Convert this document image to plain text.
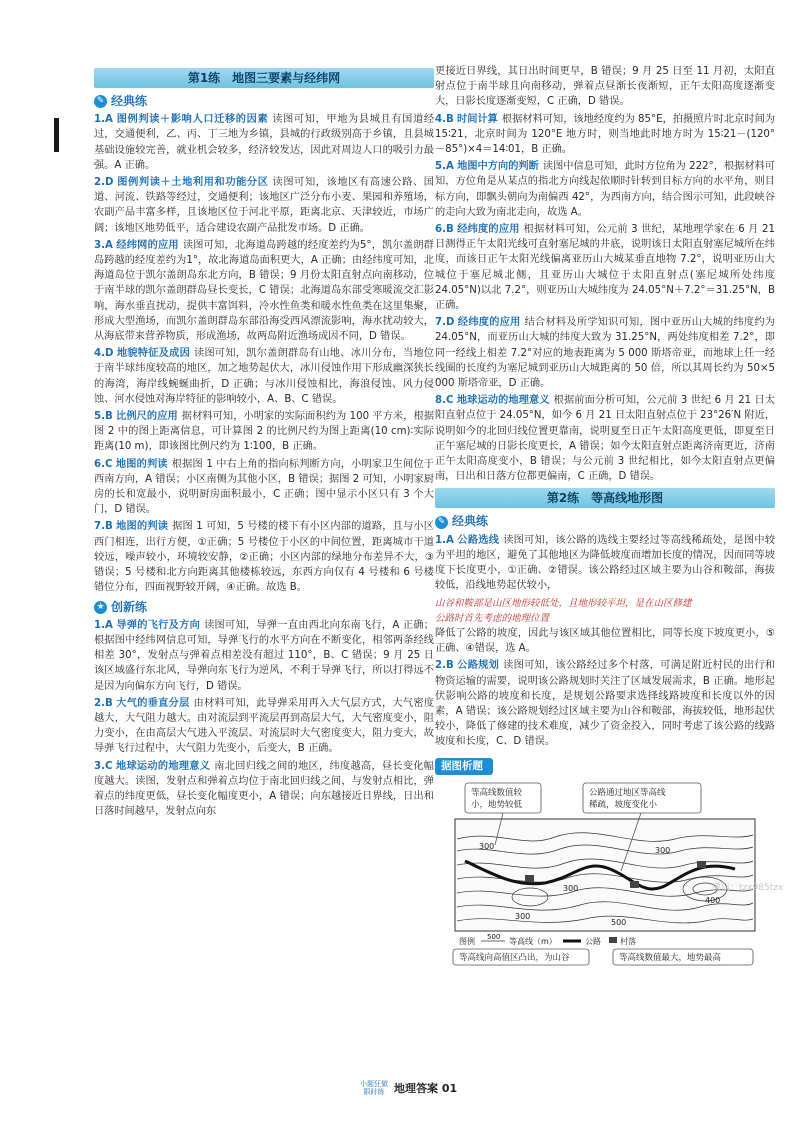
第1练　地图三要素与经纬网
✎ 经典练
1.A 图例判读＋影响人口迁移的因素 读图可知，甲地为县城且有国道经过，交通便利，乙、丙、丁三地为乡镇，县城的行政级别高于乡镇，且县城基础设施较完善，就业机会较多，经济较发达，因此对周边人口的吸引力最强。A 正确。
2.D 图例判读＋土地利用和功能分区 读图可知，该地区有高速公路、国道、河流、铁路等经过，交通便利；该地区广泛分布小麦、果园和养殖场，农副产品丰富多样，且该地区位于河北平原，距离北京、天津较近，市场广阔；该地区地势低平，适合建设农副产品批发市场。D 正确。
3.A 经纬网的应用 读图可知，北海道岛跨越的经度差约为5°，凯尔盖朗群岛跨越的经度差约为1°，故北海道岛面积更大，A 正确；由经纬度可知，北海道岛位于凯尔盖朗岛东北方向，B 错误；9 月份太阳直射点向南移动，位于南半球的凯尔盖朗群岛昼长变长，C 错误；北海道岛东部受寒暖流交汇影响，海水垂直扰动，提供丰富饵料，冷水性鱼类和暖水性鱼类在这里集聚，形成大型渔场，而凯尔盖朗群岛东部沿海受西风漂流影响，海水扰动较大，从海底带来营养物质，形成渔场，故两岛附近渔场成因不同，D 错误。
4.D 地貌特征及成因 读图可知，凯尔盖朗群岛有山地、冰川分布，当地位于南半球纬度较高的地区，加之地势起伏大，冰川侵蚀作用下形成幽深狭长的海湾，海岸线蜿蜒曲折，D 正确；与冰川侵蚀相比，海浪侵蚀、风力侵蚀、河水侵蚀对海岸特征的影响较小，A、B、C 错误。
5.B 比例尺的应用 据材料可知，小明家的实际面积约为 100 平方米，根据图 2 中的图上距离信息，可计算图 2 的比例尺约为图上距离(10 cm)∶实际距离(10 m)，即该图比例尺约为 1∶100，B 正确。
6.C 地图的判读 根据图 1 中右上角的指向标判断方向，小明家卫生间位于西南方向，A 错误；小区南侧为其他小区，B 错误；据图 2 可知，小明家厨房的长和宽最小，说明厨房面积最小，C 正确；图中显示小区只有 3 个大门，D 错误。
7.B 地图的判读 据图 1 可知，5 号楼的楼下有小区内部的道路，且与小区西门相连，出行方便，①正确；5 号楼位于小区的中间位置，距离城市干道较远，噪声较小，环境较安静，②正确；小区内部的绿地分布差异不大，③错误；5 号楼和北方向距离其他楼栋较远，东西方向仅有 4 号楼和 6 号楼错位分布，四面视野较开阔，④正确。故选 B。
★ 创新练
1.A 导弹的飞行及方向 读图可知，导弹一直由西北向东南飞行，A 正确；根据图中经纬网信息可知，导弹飞行的水平方向在不断变化，相邻两条经线相差 30°，发射点与弹着点相差没有超过 110°，B、C 错误；9 月 25 日该区域盛行东北风，导弹向东飞行为逆风，不利于导弹飞行，所以打得远不是因为向偏东方向飞行，D 错误。
2.B 大气的垂直分层 由材料可知，此导弹采用再入大气层方式，大气密度越大，大气阻力越大。由对流层到平流层再到高层大气，大气密度变小，阻力变小，在由高层大气进入平流层、对流层时大气密度变大，阻力变大，故导弹飞行过程中，大气阻力先变小，后变大，B 正确。
3.C 地球运动的地理意义 南北回归线之间的地区，纬度越高，昼长变化幅度越大。读图，发射点和弹着点均位于南北回归线之间，与发射点相比，弹着点的纬度更低，昼长变化幅度更小，A 错误；向东越接近日界线，日出和日落时间越早，发射点向东
更接近日界线，其日出时间更早，B 错误；9 月 25 日至 11 月初，太阳直射点位于南半球且向南移动，弹着点昼渐长夜渐短，正午太阳高度逐渐变大，日影长度逐渐变短，C 正确，D 错误。
4.B 时间计算 根据材料可知，该地经度约为 85°E，拍摄照片时北京时间为 15∶21，北京时间为 120°E 地方时，则当地此时地方时为 15∶21－(120°－85°)×4＝14∶01，B 正确。
5.A 地图中方向的判断 读图中信息可知，此时方位角为 222°，根据材料可知，方位角是从某点的指北方向线起依顺时针转到目标方向的水平角，则目标方向，即飘头朝向为南偏西 42°，为西南方向，结合图示可知，此段峡谷的走向大致为南北走向，故选 A。
6.B 经纬度的应用 根据材料可知，公元前 3 世纪，某地理学家在 6 月 21 日测得正午太阳光线可直射塞尼城的井底，说明该日太阳直射塞尼城所在纬度，而该日正午太阳光线偏离亚历山大城某垂直地物 7.2°，说明亚历山大城位于塞尼城北侧，且亚历山大城位于太阳直射点(塞尼城所处纬度 24.05°N)以北 7.2°，则亚历山大城纬度为 24.05°N＋7.2°＝31.25°N，B 正确。
7.D 经纬度的应用 结合材料及所学知识可知，图中亚历山大城的纬度约为 24.05°N，而亚历山大城的纬度大致为 31.25°N，两处纬度相差 7.2°，即同一经线上相差 7.2°对应的地表距离为 5 000 斯塔帝亚，而地球上任一经线圈的长度约为塞尼城到亚历山大城距离的 50 倍，所以其周长约为 50×5 000 斯塔帝亚，D 正确。
8.C 地球运动的地理意义 根据前面分析可知，公元前 3 世纪 6 月 21 日太阳直射点位于 24.05°N，如今 6 月 21 日太阳直射点位于 23°26′N 附近，说明如今的北回归线位置更靠南，说明夏至日正午太阳高度更低，即夏至日正午塞尼城的日影长度更长，A 错误；如今太阳直射点距离济南更近，济南正午太阳高度变小，B 错误；与公元前 3 世纪相比，如今太阳直射点更偏南，日出和日落方位都更偏南，C 正确，D 错误。
第2练　等高线地形图
✎ 经典练
1.A 公路选线 读图可知，该公路的选线主要经过等高线稀疏处，是图中较为平坦的地区，避免了其他地区为降低坡度而增加长度的情况，因而同等坡度下长度更小，①正确、②错误。该公路经过区域主要为山谷和鞍部，海拔较低，沿线地势起伏较小，
山谷和鞍部是山区地形较低处，且地形较平坦，是在山区修建
公路时首先考虑的地理位置
降低了公路的坡度，因此与该区域其他位置相比，同等长度下坡度更小，⑤正确、④错误，选 A。
2.B 公路规划 读图可知，该公路经过多个村落，可满足附近村民的出行和物资运输的需要，说明该公路规划时关注了区域发展需求，B 正确。地形起伏影响公路的坡度和长度，是规划公路要求选择线路坡度和长度以外的因素，A 错误；该公路规划经过区域主要为山谷和鞍部，海拔较低，地形起伏较小，降低了修建的技术难度，减少了资金投入，同时考虑了该公路的线路坡度和长度，C、D 错误。
据图析题
300
300
400
300
500
300
等高线数值较
小，地势较低
公路通过地区等高线
稀疏，坡度变化小
图例 500 等高线（m）	公路 村落
等高线向高值区凸出，为山谷	等高线数值最大，地势最高
小题狂做
限时练 地理答案 01
微信：tzx985tzx
